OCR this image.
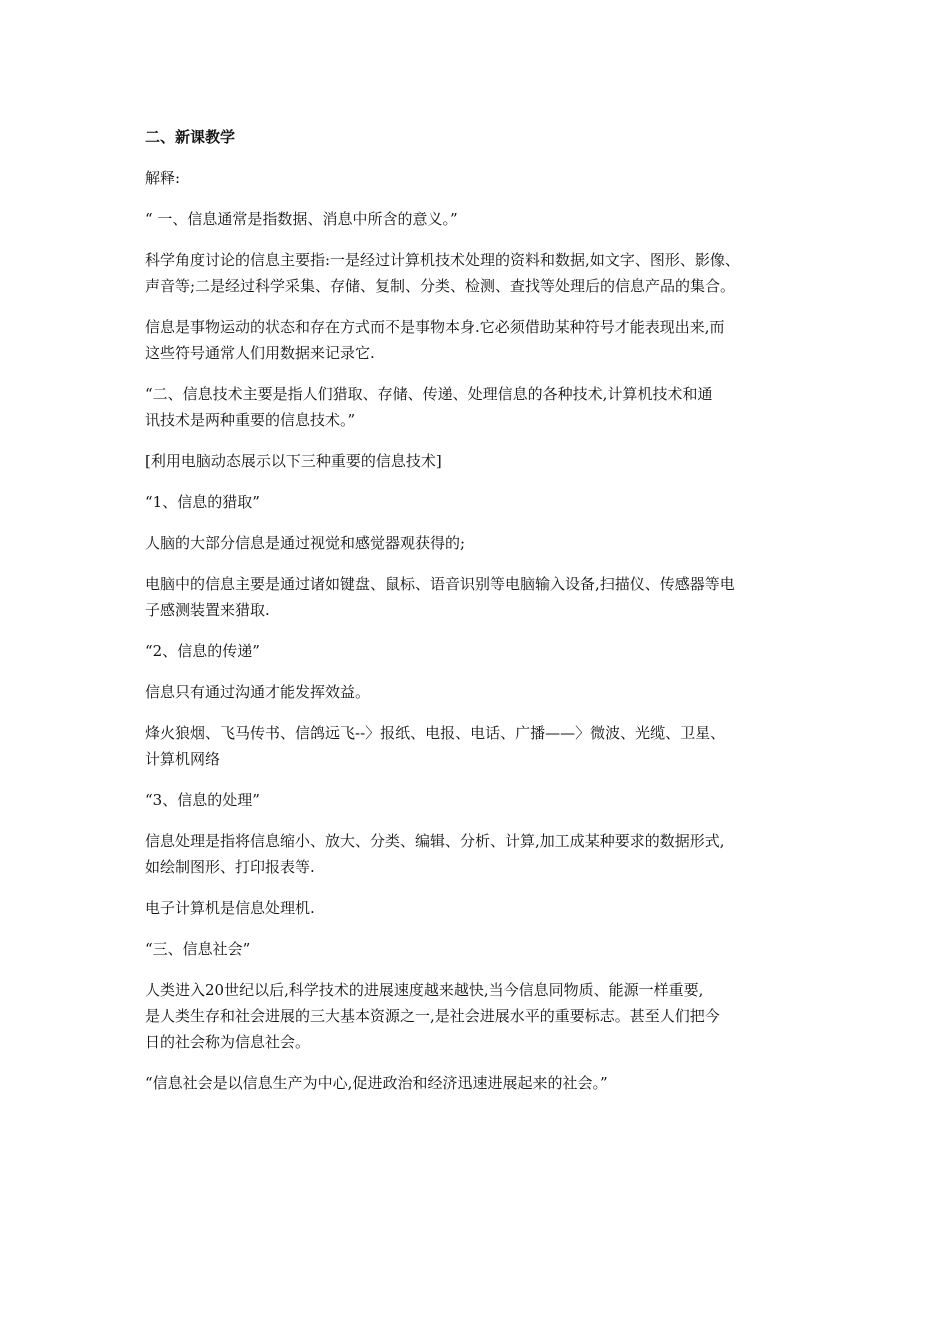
二、新课教学

解释:

“ 一、信息通常是指数据、消息中所含的意义。”

科学角度讨论的信息主要指:一是经过计算机技术处理的资料和数据,如文字、图形、影像、
声音等;二是经过科学采集、存储、复制、分类、检测、查找等处理后的信息产品的集合。

信息是事物运动的状态和存在方式而不是事物本身.它必须借助某种符号才能表现出来,而
这些符号通常人们用数据来记录它.

“二、信息技术主要是指人们猎取、存储、传递、处理信息的各种技术,计算机技术和通
讯技术是两种重要的信息技术。”

[利用电脑动态展示以下三种重要的信息技术]

“1、信息的猎取”

人脑的大部分信息是通过视觉和感觉器观获得的;

电脑中的信息主要是通过诸如键盘、鼠标、语音识别等电脑输入设备,扫描仪、传感器等电
子感测装置来猎取.

“2、信息的传递”

信息只有通过沟通才能发挥效益。

烽火狼烟、飞马传书、信鸽远飞--〉报纸、电报、电话、广播——〉微波、光缆、卫星、
计算机网络

“3、信息的处理”

信息处理是指将信息缩小、放大、分类、编辑、分析、计算,加工成某种要求的数据形式,
如绘制图形、打印报表等.

电子计算机是信息处理机.

“三、信息社会”

人类进入20世纪以后,科学技术的进展速度越来越快,当今信息同物质、能源一样重要,
是人类生存和社会进展的三大基本资源之一,是社会进展水平的重要标志。甚至人们把今
日的社会称为信息社会。

“信息社会是以信息生产为中心,促进政治和经济迅速进展起来的社会。”
